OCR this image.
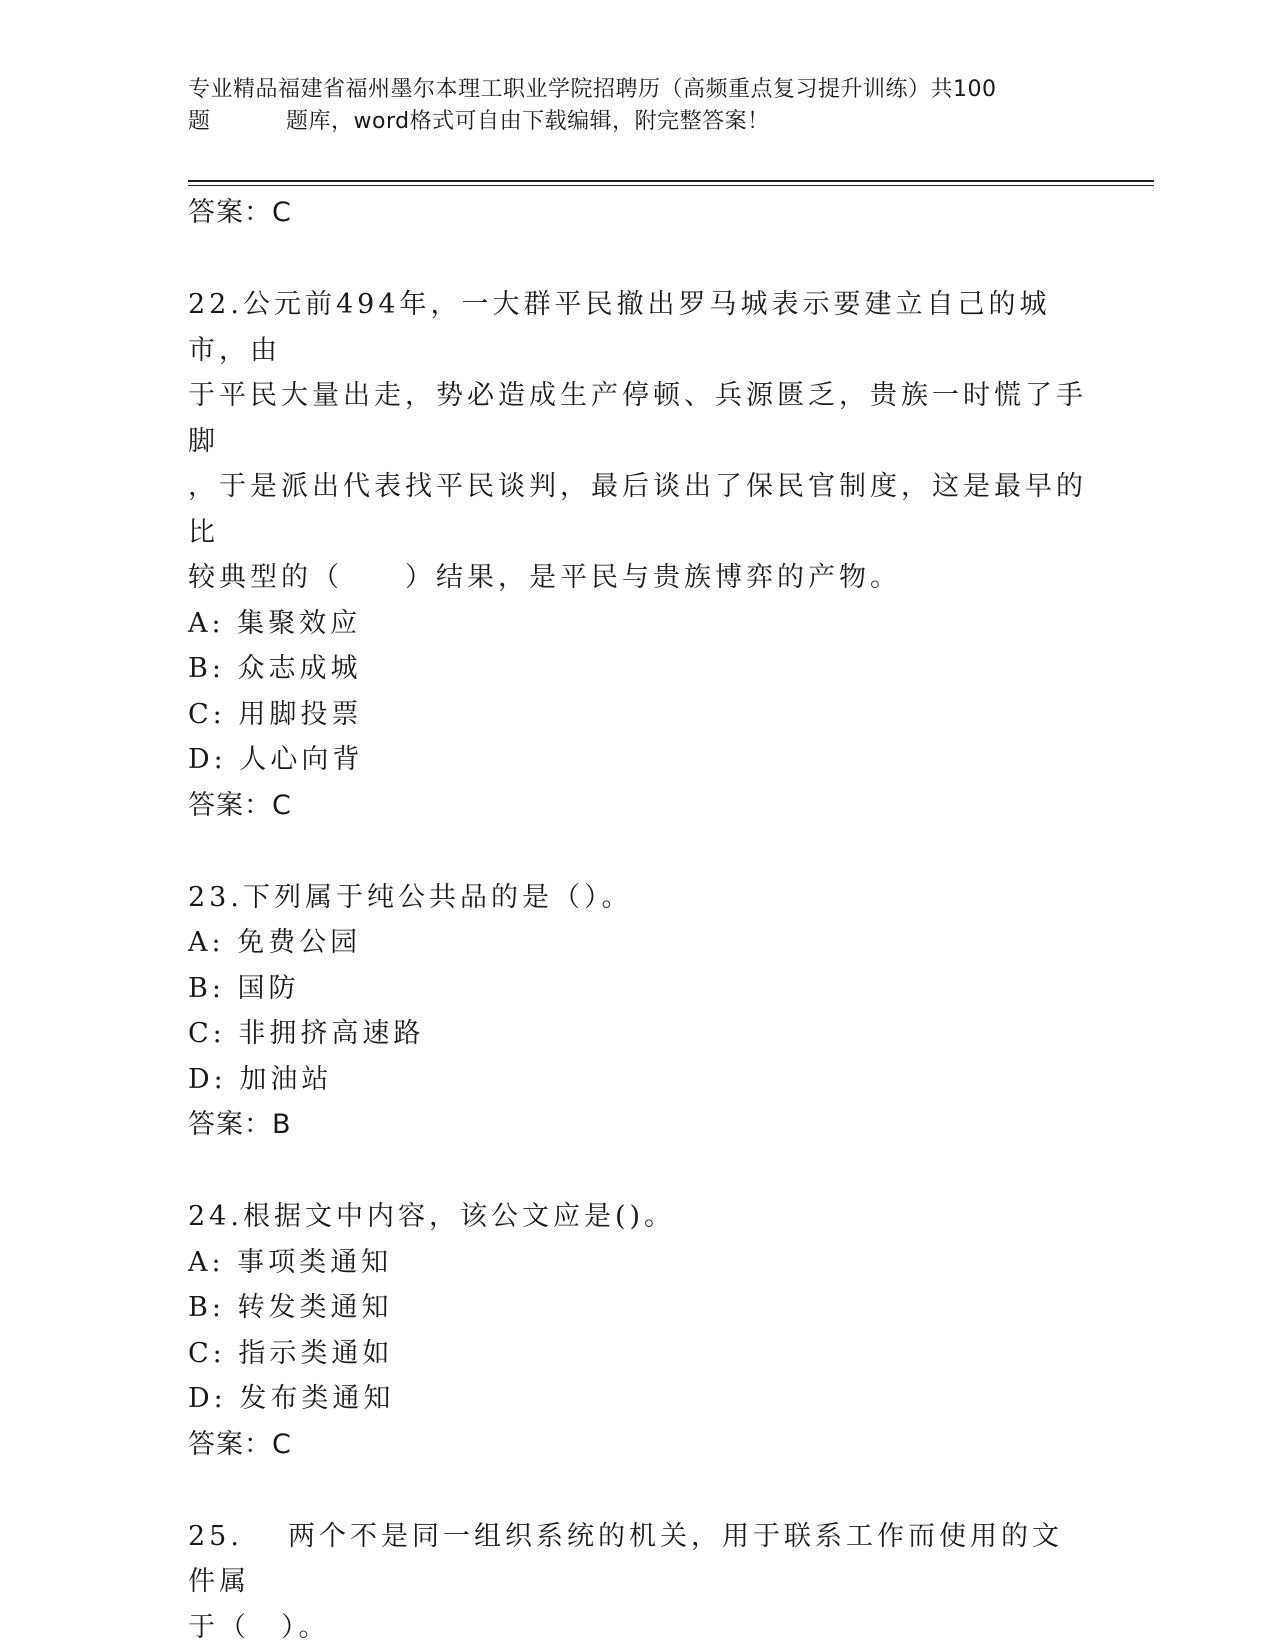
专业精品福建省福州墨尔本理工职业学院招聘历（高频重点复习提升训练）共100
题	题库，word格式可自由下载编辑，附完整答案！
答案：C
22.公元前494年，一大群平民撤出罗马城表示要建立自己的城市，由
于平民大量出走，势必造成生产停顿、兵源匮乏，贵族一时慌了手脚
，于是派出代表找平民谈判，最后谈出了保民官制度，这是最早的比
较典型的（　　）结果，是平民与贵族博弈的产物。
A: 集聚效应
B: 众志成城
C: 用脚投票
D: 人心向背
答案：C
23.下列属于纯公共品的是（）。
A: 免费公园
B: 国防
C: 非拥挤高速路
D: 加油站
答案：B
24.根据文中内容，该公文应是()。
A: 事项类通知
B: 转发类通知
C: 指示类通如
D: 发布类通知
答案：C
25. 两个不是同一组织系统的机关，用于联系工作而使用的文件属
于（　）。
